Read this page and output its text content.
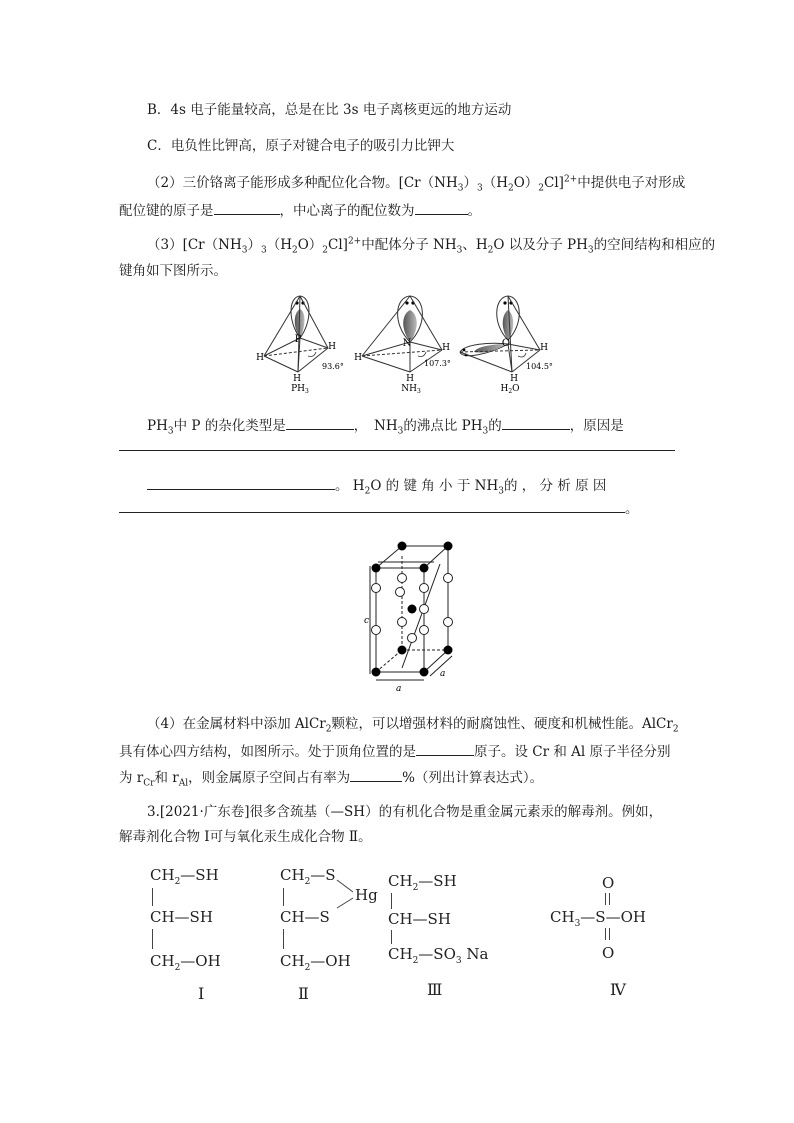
B．4s 电子能量较高，总是在比 3s 电子离核更远的地方运动
C．电负性比钾高，原子对键合电子的吸引力比钾大
（2）三价铬离子能形成多种配位化合物。$[Cr(NH_3)_3(H_2O)_2Cl]^{2+}$中提供电子对形成
配位键的原子是	，中心离子的配位数为	。
$(3)[Cr(NH_3)_3(H_2O)_2Cl]^{2+}$中配体分子 $NH_3$、$H_2O$ 以及分子 $PH_3$的空间结构和相应的
键角如下图所示。
P
H
H
H
93.6°
$PH_3$
N
H
H
H
107.3°
$NH_3$
O
H
H
104.5°
$H_2O$
$PH_3$中 P 的杂化类型是	，　$NH_3$的沸点比 $PH_3$的	，原因是
。 $H_2O$ 的 键 角 小 于 $NH_3$的 ， 分 析 原 因
。
c
a
a
（4）在金属材料中添加 AlCr$_2$颗粒，可以增强材料的耐腐蚀性、硬度和机械性能。AlCr$_2$
具有体心四方结构，如图所示。处于顶角位置的是	原子。设 Cr 和 Al 原子半径分别
为 $r_{Cr}$和 $r_{Al}$，则金属原子空间占有率为	%（列出计算表达式）。
3.[2021·广东卷]很多含巯基（—SH）的有机化合物是重金属元素汞的解毒剂。例如，
解毒剂化合物 Ⅰ可与氧化汞生成化合物 Ⅱ。
$CH_2—SH$
CH—SH
$CH_2—OH$
Ⅰ
$CH_2—S$
Hg
CH—S
$CH_2—OH$
Ⅱ
$CH_2—SH$
CH—SH
$CH_2—SO_3$ Na
Ⅲ
O
$CH_3—S—OH$
O
Ⅳ
